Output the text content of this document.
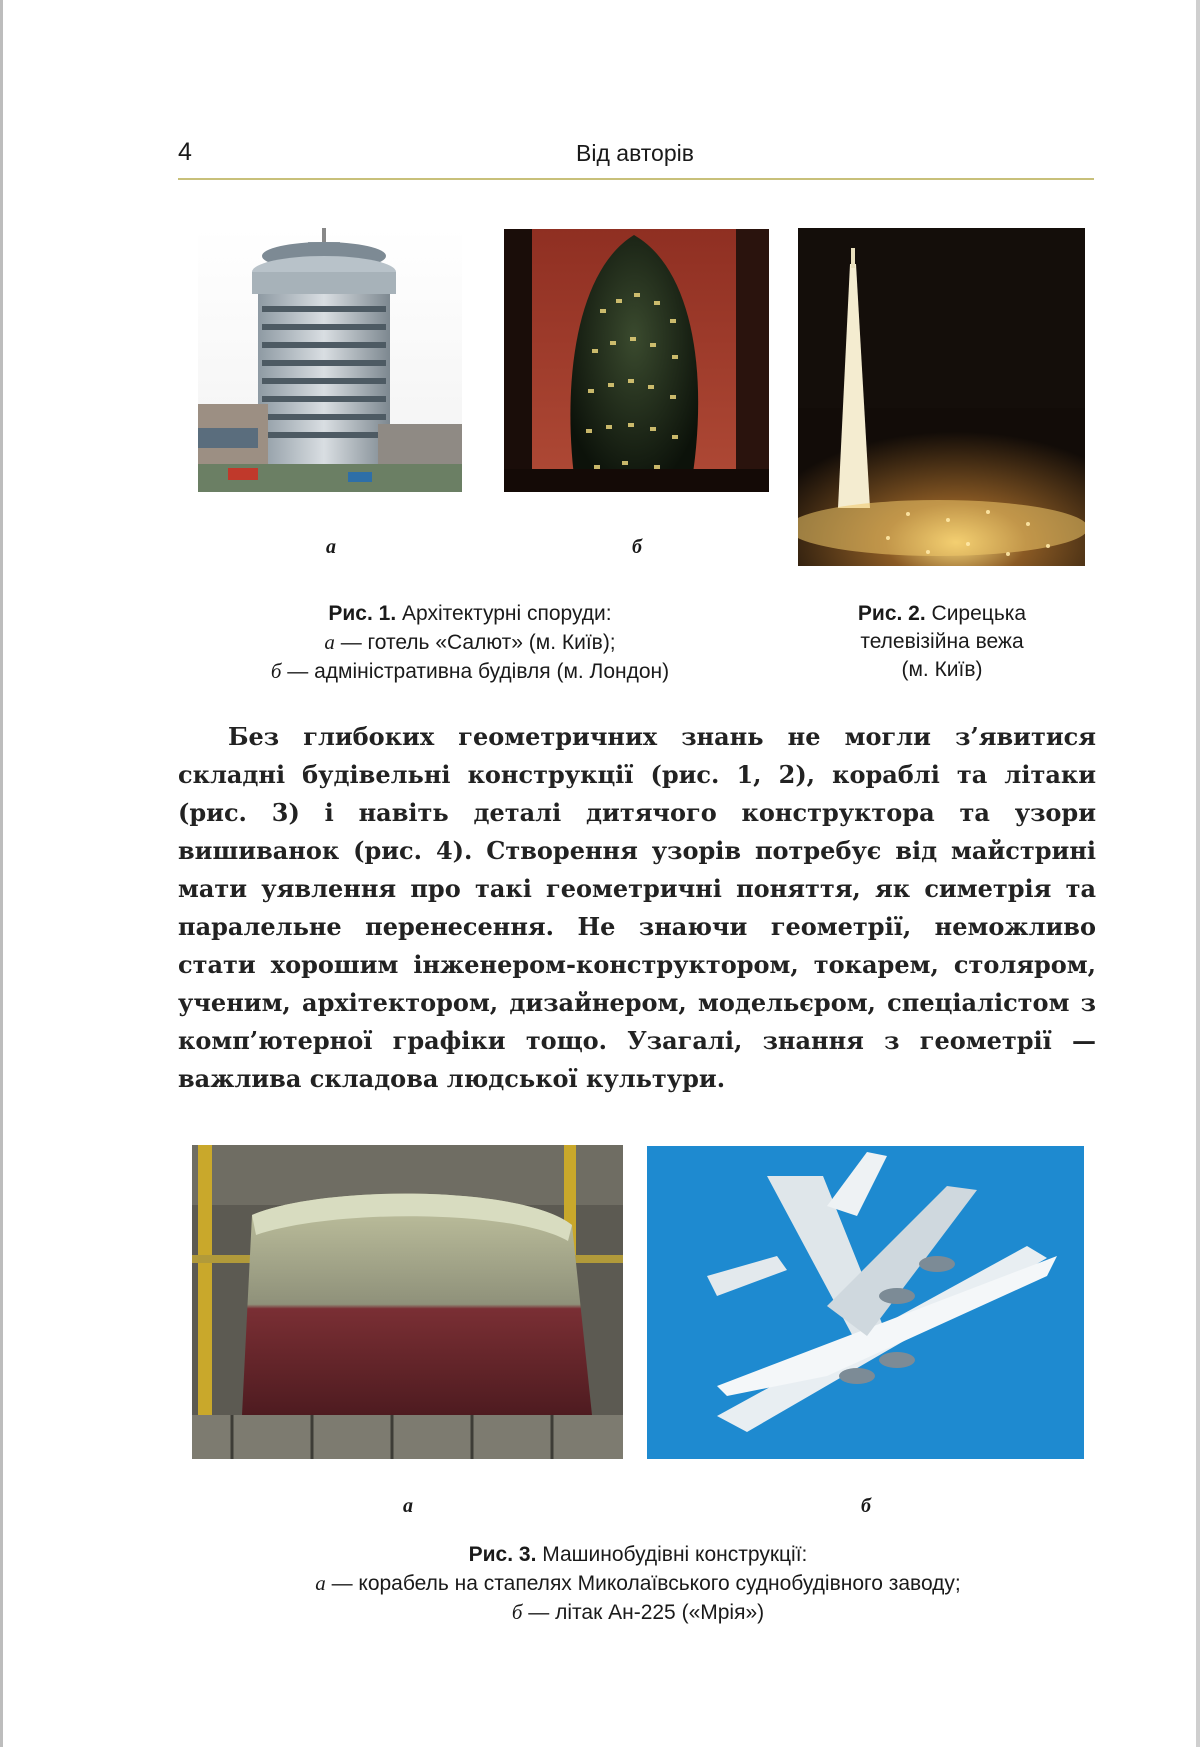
4	Від авторів
а	б
Рис. 1. Архітектурні споруди:
а — готель «Салют» (м. Київ);
б — адміністративна будівля (м. Лондон)
Рис. 2. Сирецька
телевізійна вежа
(м. Київ)

Без глибоких геометричних знань не могли з’явитися складні будівельні конструкції (рис. 1, 2), кораблі та літаки (рис. 3) і навіть деталі дитячого конструктора та узори вишиванок (рис. 4). Створення узорів потребує від майстрині мати уявлення про такі геометричні поняття, як симетрія та паралельне перенесення. Не знаючи геометрії, неможливо стати хорошим інженером-конструктором, токарем, столяром, ученим, архітектором, дизайнером, модельєром, спеціалістом з комп’ютерної графіки тощо. Узагалі, знання з геометрії — важлива складова людської культури.

а	б
Рис. 3. Машинобудівні конструкції:
а — корабель на стапелях Миколаївського суднобудівного заводу;
б — літак Ан-225 («Мрія»)
